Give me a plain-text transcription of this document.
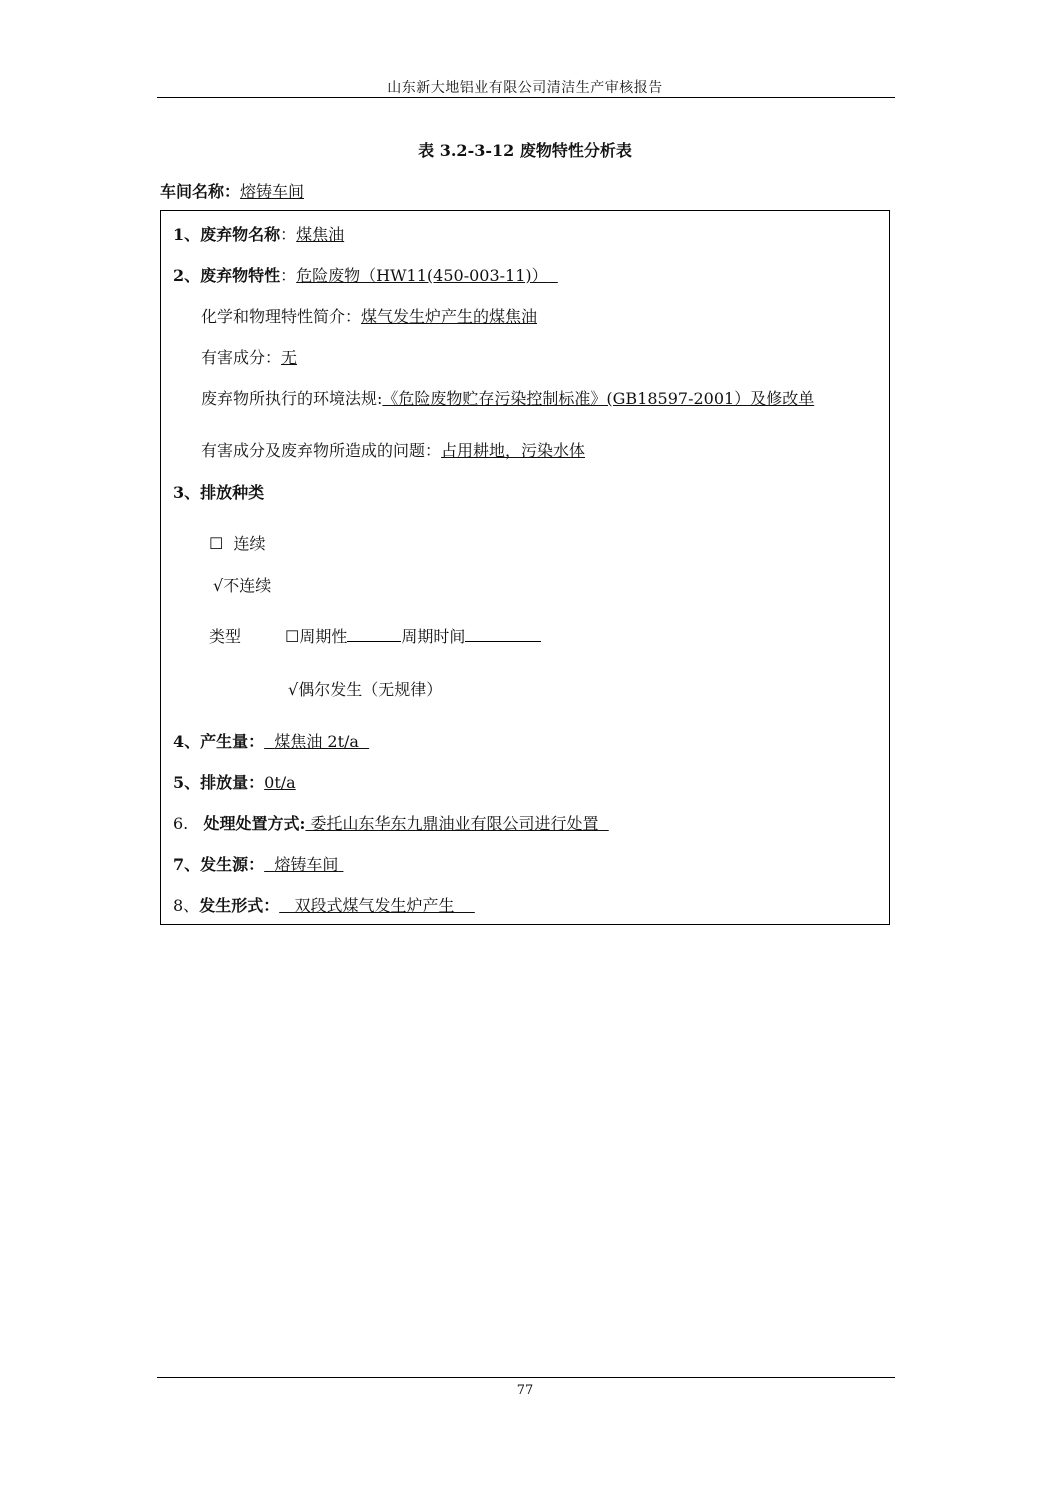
山东新大地铝业有限公司清洁生产审核报告
表 3.2-3-12 废物特性分析表
车间名称：熔铸车间
1、废弃物名称：煤焦油
2、废弃物特性：危险废物（HW11(450-003-11)）
化学和物理特性简介：煤气发生炉产生的煤焦油
有害成分：无
废弃物所执行的环境法规:《危险废物贮存污染控制标准》(GB18597-2001）及修改单
有害成分及废弃物所造成的问题：占用耕地，污染水体
3、排放种类
☐ 连续
√不连续
类型	☐周期性	周期时间
√偶尔发生（无规律）
4、产生量： 煤焦油 2t/a
5、排放量：0t/a
6. 处理处置方式: 委托山东华东九鼎油业有限公司进行处置
7、发生源： 熔铸车间
8、发生形式： 双段式煤气发生炉产生
77
